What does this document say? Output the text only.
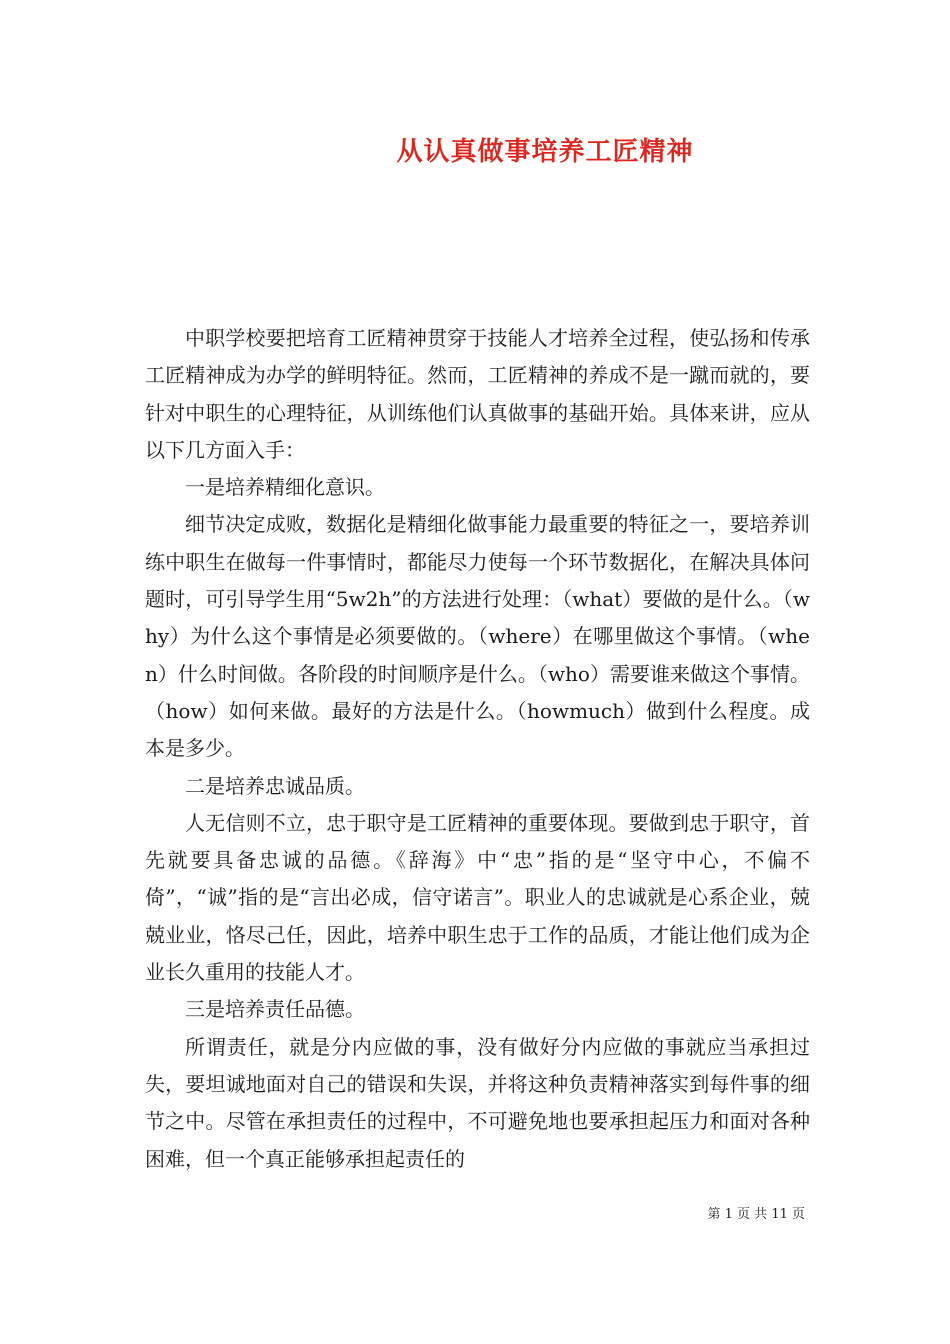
从认真做事培养工匠精神

中职学校要把培育工匠精神贯穿于技能人才培养全过程，使弘扬和传承工匠精神成为办学的鲜明特征。然而，工匠精神的养成不是一蹴而就的，要针对中职生的心理特征，从训练他们认真做事的基础开始。具体来讲，应从以下几方面入手：

一是培养精细化意识。

细节决定成败，数据化是精细化做事能力最重要的特征之一，要培养训练中职生在做每一件事情时，都能尽力使每一个环节数据化，在解决具体问题时，可引导学生用“5w2h”的方法进行处理：（what）要做的是什么。（why）为什么这个事情是必须要做的。（where）在哪里做这个事情。（when）什么时间做。各阶段的时间顺序是什么。（who）需要谁来做这个事情。（how）如何来做。最好的方法是什么。（howmuch）做到什么程度。成本是多少。

二是培养忠诚品质。

人无信则不立，忠于职守是工匠精神的重要体现。要做到忠于职守，首先就要具备忠诚的品德。《辞海》中“忠”指的是“坚守中心，不偏不倚”，“诚”指的是“言出必成，信守诺言”。职业人的忠诚就是心系企业，兢兢业业，恪尽己任，因此，培养中职生忠于工作的品质，才能让他们成为企业长久重用的技能人才。

三是培养责任品德。

所谓责任，就是分内应做的事，没有做好分内应做的事就应当承担过失，要坦诚地面对自己的错误和失误，并将这种负责精神落实到每件事的细节之中。尽管在承担责任的过程中，不可避免地也要承担起压力和面对各种困难，但一个真正能够承担起责任的

第 1 页 共 11 页
